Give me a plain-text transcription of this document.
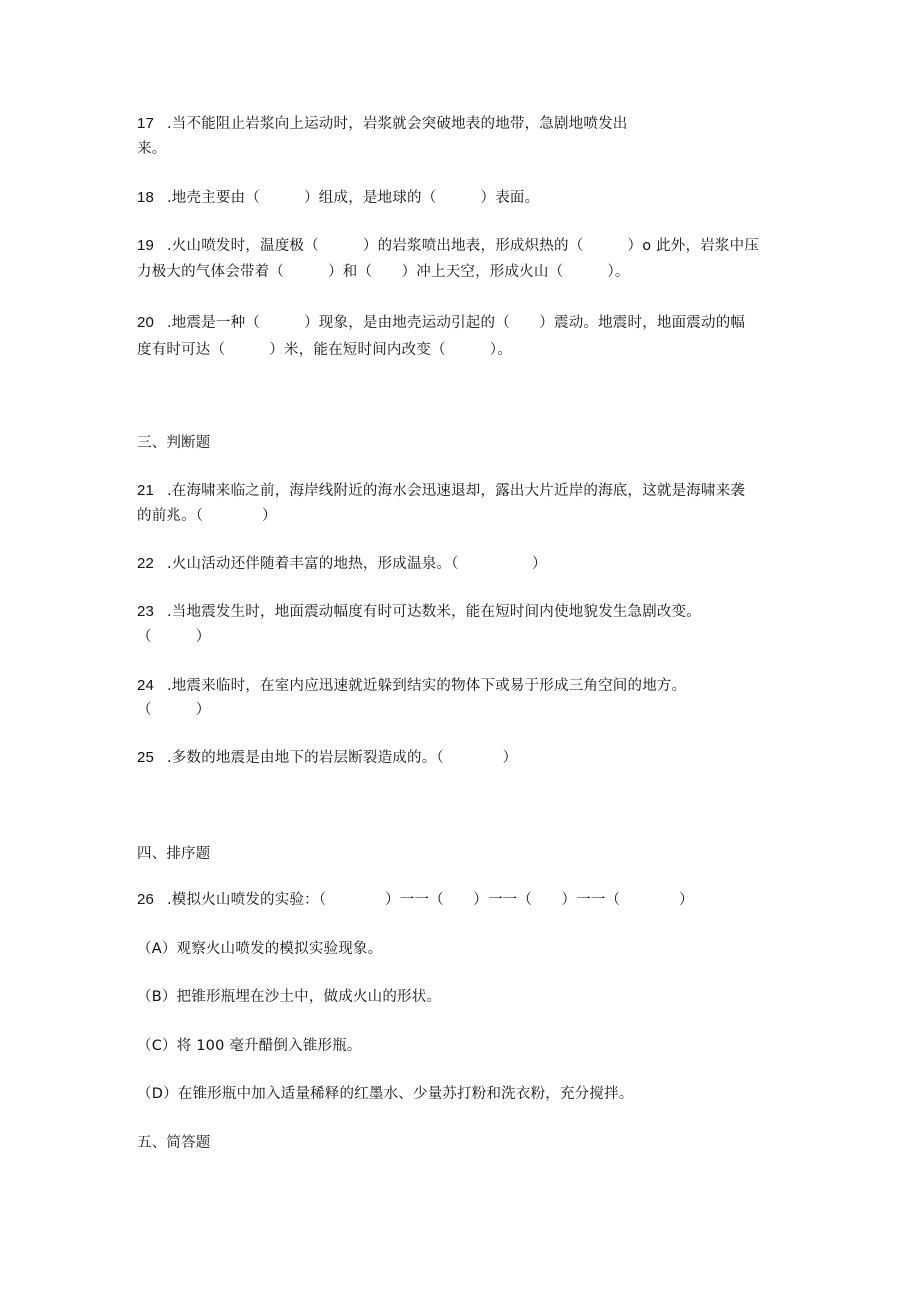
17 .当不能阻止岩浆向上运动时，岩浆就会突破地表的地带，急剧地喷发出
来。
18 .地壳主要由（　　　）组成，是地球的（　　　）表面。
19 .火山喷发时，温度极（　　　）的岩浆喷出地表，形成炽热的（　　　）o 此外，岩浆中压
力极大的气体会带着（　　　）和（　　）冲上天空，形成火山（　　　）。
20 .地震是一种（　　　）现象，是由地壳运动引起的（　　）震动。地震时，地面震动的幅
度有时可达（　　　）米，能在短时间内改变（　　　）。
三、判断题
21 .在海啸来临之前，海岸线附近的海水会迅速退却，露出大片近岸的海底，这就是海啸来袭
的前兆。（　　　　）
22 .火山活动还伴随着丰富的地热，形成温泉。（　　　　　）
23 .当地震发生时，地面震动幅度有时可达数米，能在短时间内使地貌发生急剧改变。
（　　　）
24 .地震来临时，在室内应迅速就近躲到结实的物体下或易于形成三角空间的地方。
（　　　）
25 .多数的地震是由地下的岩层断裂造成的。（　　　　）
四、排序题
26 .模拟火山喷发的实验：（　　　　）一一（　　）一一（　　）一一（　　　　）
（A）观察火山喷发的模拟实验现象。
（B）把锥形瓶埋在沙土中，做成火山的形状。
（C）将 100 毫升醋倒入锥形瓶。
（D）在锥形瓶中加入适量稀释的红墨水、少量苏打粉和洗衣粉，充分搅拌。
五、简答题
